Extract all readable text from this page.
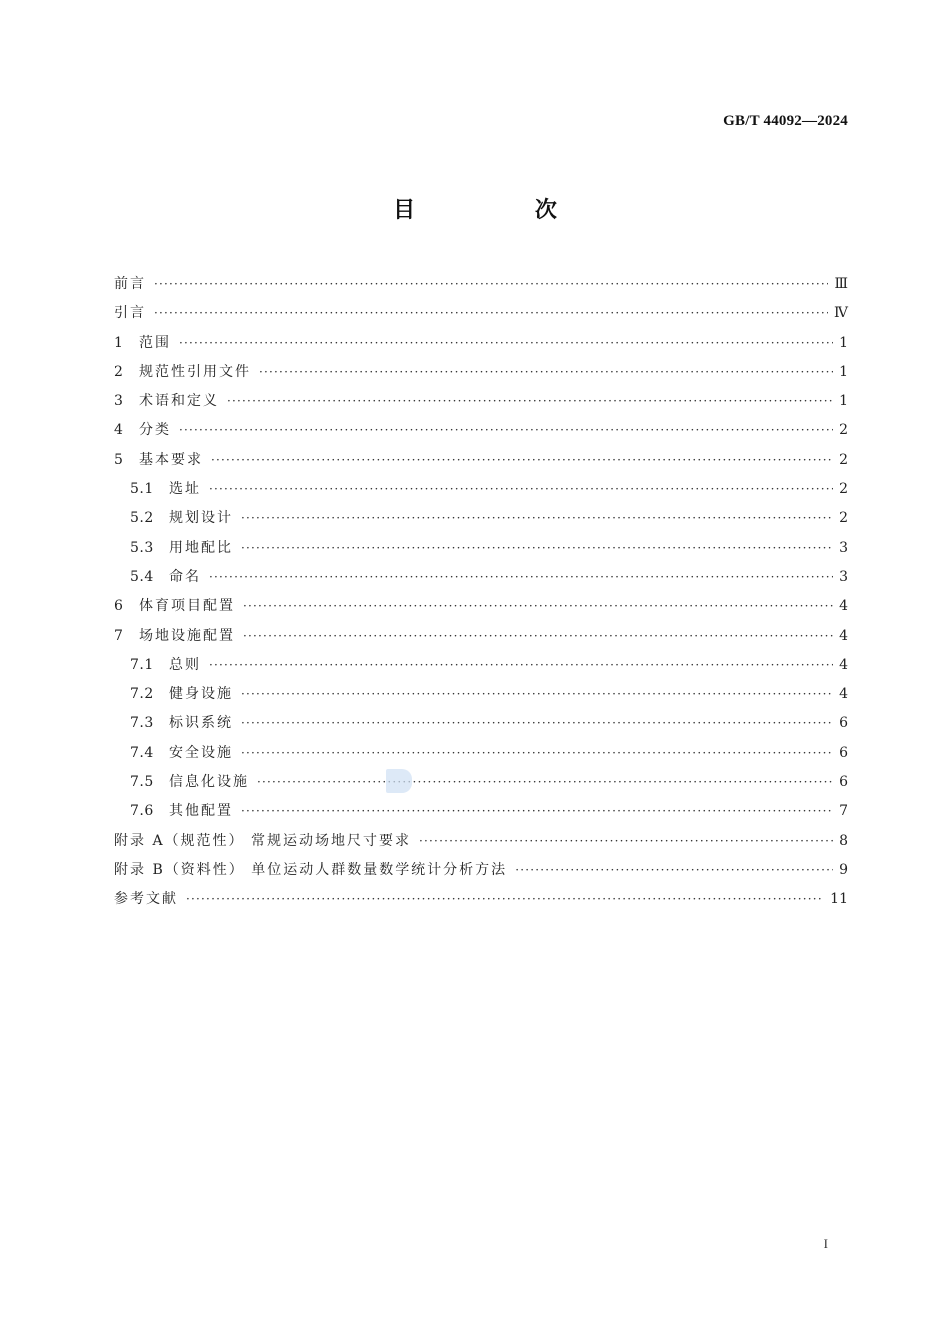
GB/T 44092—2024
目 次
前言 ·····	Ⅲ
引言 ·····	Ⅳ
1	范围 ·····	1
2	规范性引用文件 ·····	1
3	术语和定义 ·····	1
4	分类 ·····	2
5	基本要求 ·····	2
5.1	选址 ·····	2
5.2	规划设计 ·····	2
5.3	用地配比 ·····	3
5.4	命名 ·····	3
6	体育项目配置 ·····	4
7	场地设施配置 ·····	4
7.1	总则 ·····	4
7.2	健身设施 ·····	4
7.3	标识系统 ·····	6
7.4	安全设施 ·····	6
7.5	信息化设施 ·····	6
7.6	其他配置 ·····	7
附录 A（规范性） 常规运动场地尺寸要求 ·····	8
附录 B（资料性） 单位运动人群数量数学统计分析方法 ·····	9
参考文献 ·····	11
I
